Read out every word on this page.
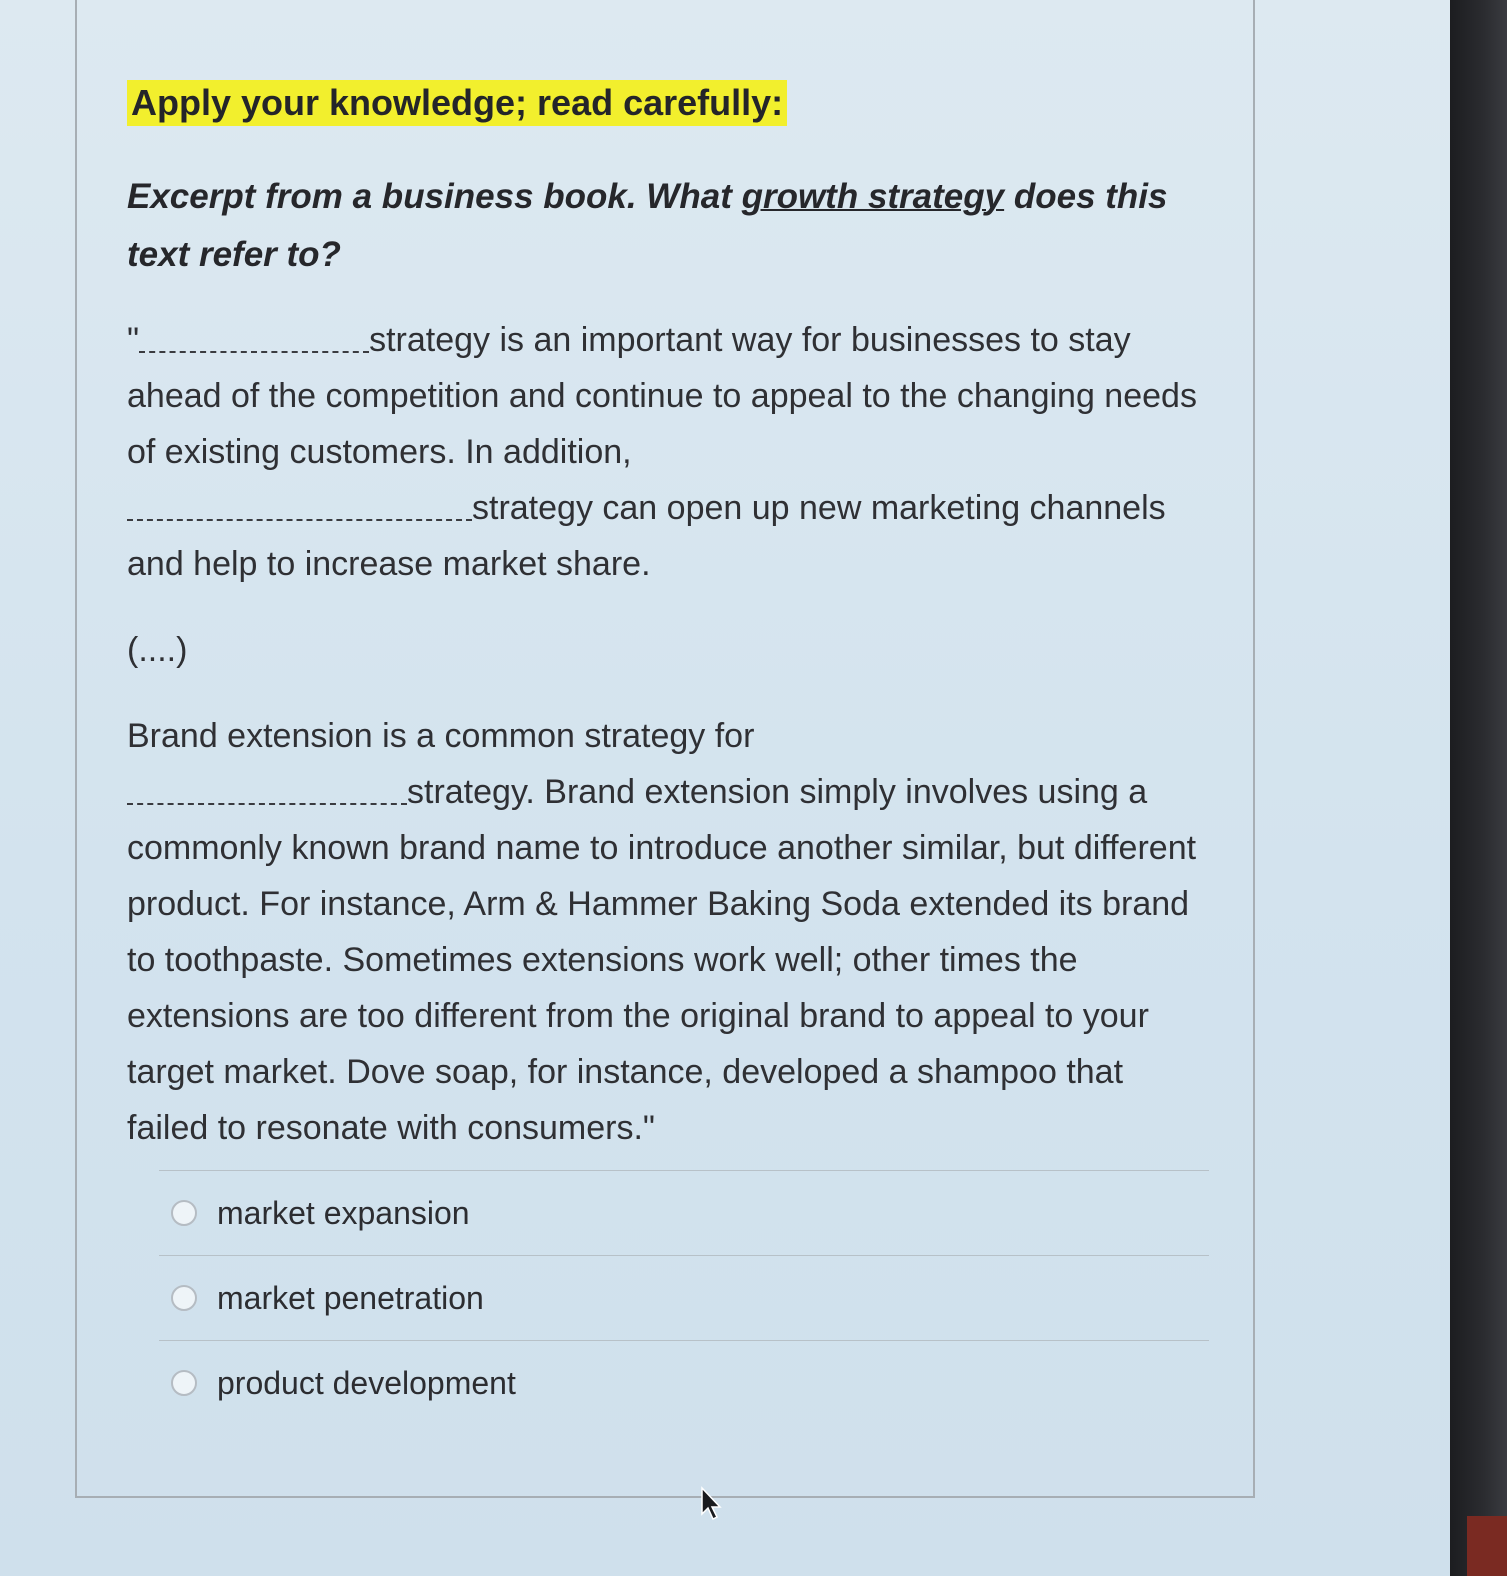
Apply your knowledge; read carefully:
Excerpt from a business book. What growth strategy does this text refer to?

"	strategy is an important way for businesses to stay ahead of the competition and continue to appeal to the changing needs of existing customers. In addition,
strategy can open up new marketing channels and help to increase market share.

(....)

Brand extension is a common strategy for
strategy. Brand extension simply involves using a commonly known brand name to introduce another similar, but different product. For instance, Arm & Hammer Baking Soda extended its brand to toothpaste. Sometimes extensions work well; other times the extensions are too different from the original brand to appeal to your target market. Dove soap, for instance, developed a shampoo that failed to resonate with consumers."

market expansion
market penetration
product development
